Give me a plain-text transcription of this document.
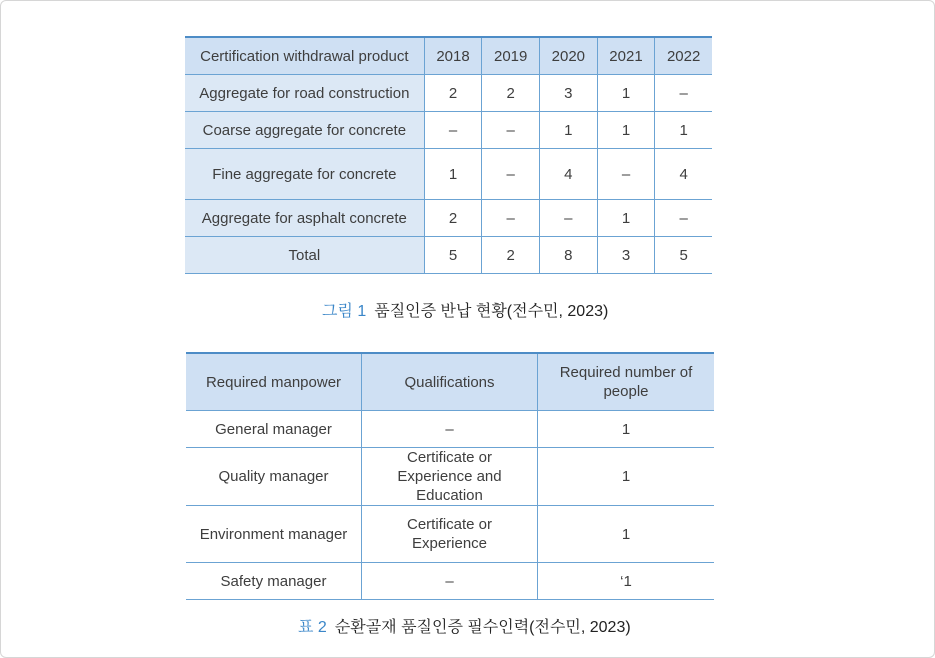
Certification withdrawal product	2018	2019	2020	2021	2022
Aggregate for road construction	2	2	3	1	–
Coarse aggregate for concrete	–	–	1	1	1
Fine aggregate for concrete	1	–	4	–	4
Aggregate for asphalt concrete	2	–	–	1	–
Total	5	2	8	3	5
그림 1 품질인증 반납 현황(전수민, 2023)
Required manpower	Qualifications	Required number of people
General manager	–	1
Quality manager	Certificate or Experience and Education	1
Environment manager	Certificate or Experience	1
Safety manager	–	‘1
표 2 순환골재 품질인증 필수인력(전수민, 2023)
